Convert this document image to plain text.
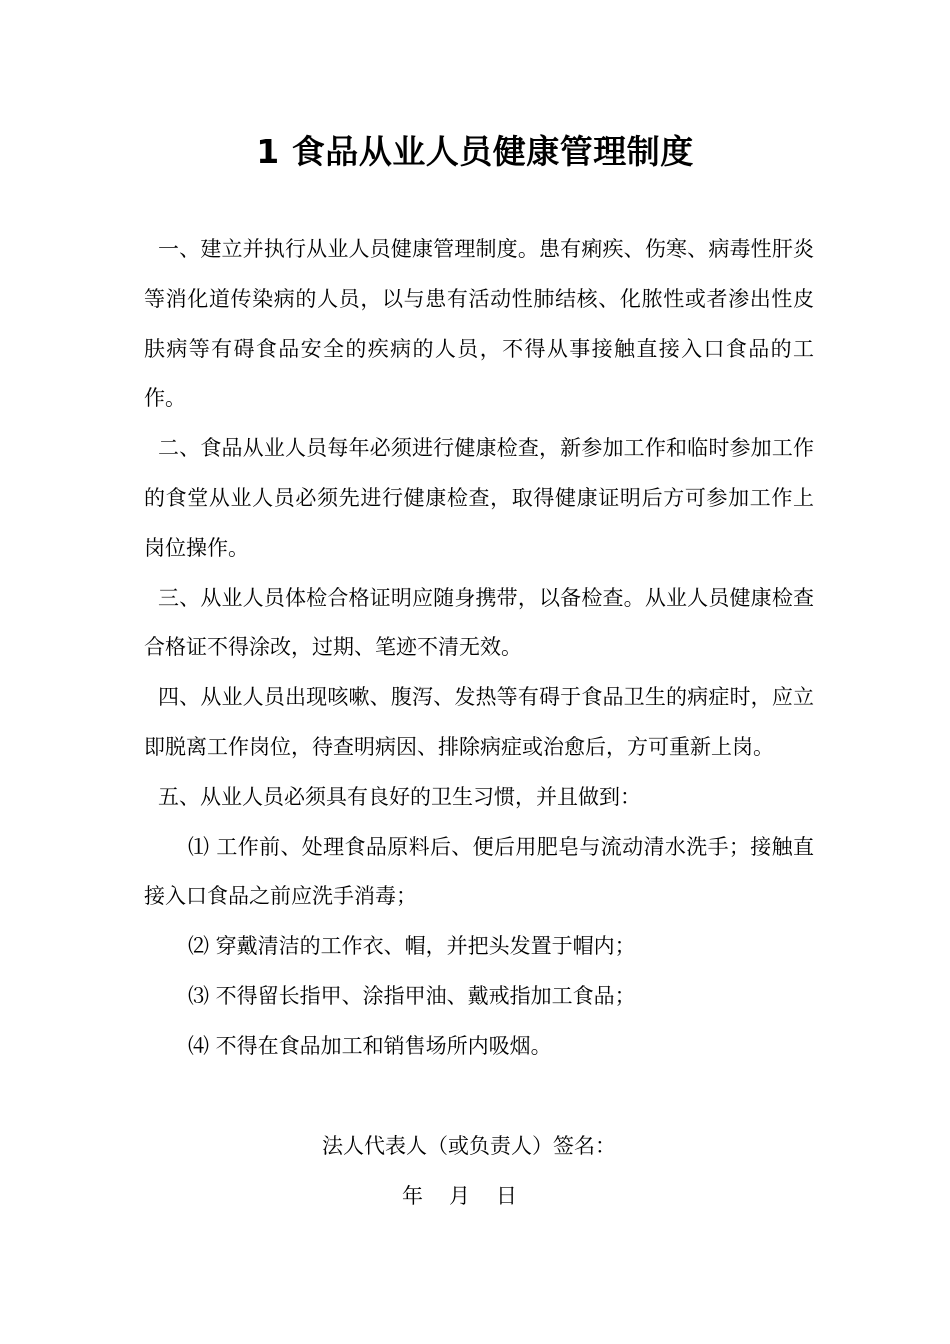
1 食品从业人员健康管理制度

一、建立并执行从业人员健康管理制度。患有痢疾、伤寒、病毒性肝炎等消化道传染病的人员，以与患有活动性肺结核、化脓性或者渗出性皮肤病等有碍食品安全的疾病的人员，不得从事接触直接入口食品的工作。

二、食品从业人员每年必须进行健康检查，新参加工作和临时参加工作的食堂从业人员必须先进行健康检查，取得健康证明后方可参加工作上岗位操作。

三、从业人员体检合格证明应随身携带，以备检查。从业人员健康检查合格证不得涂改，过期、笔迹不清无效。

四、从业人员出现咳嗽、腹泻、发热等有碍于食品卫生的病症时，应立即脱离工作岗位，待查明病因、排除病症或治愈后，方可重新上岗。

五、从业人员必须具有良好的卫生习惯，并且做到：

⑴ 工作前、处理食品原料后、便后用肥皂与流动清水洗手；接触直接入口食品之前应洗手消毒；

⑵ 穿戴清洁的工作衣、帽，并把头发置于帽内；

⑶ 不得留长指甲、涂指甲油、戴戒指加工食品；

⑷ 不得在食品加工和销售场所内吸烟。

法人代表人（或负责人）签名：

年 月 日
